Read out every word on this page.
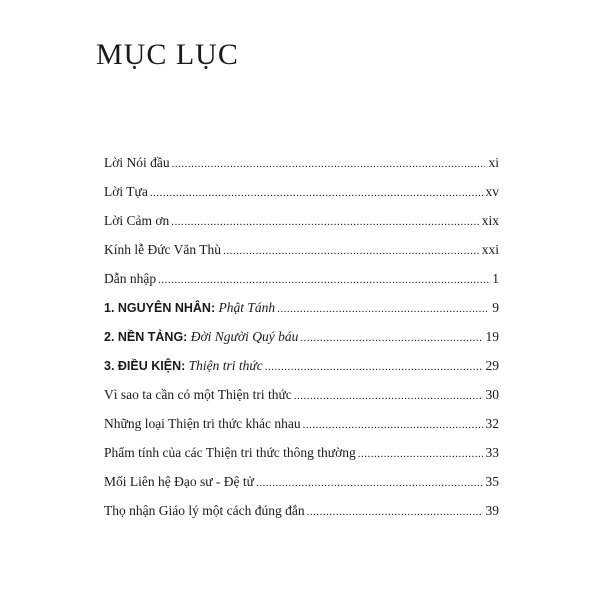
MỤC LỤC
Lời Nói đầu .....	xi
Lời Tựa .....	xv
Lời Cảm ơn .....	xix
Kính lễ Đức Văn Thù .....	xxi
Dẫn nhập .....	1
1. NGUYÊN NHÂN: Phật Tánh .....	9
2. NỀN TẢNG: Đời Người Quý báu .....	19
3. ĐIỀU KIỆN: Thiện tri thức .....	29
Vì sao ta cần có một Thiện tri thức .....	30
Những loại Thiện tri thức khác nhau .....	32
Phẩm tính của các Thiện tri thức thông thường .....	33
Mối Liên hệ Đạo sư - Đệ tử .....	35
Thọ nhận Giáo lý một cách đúng đắn .....	39
